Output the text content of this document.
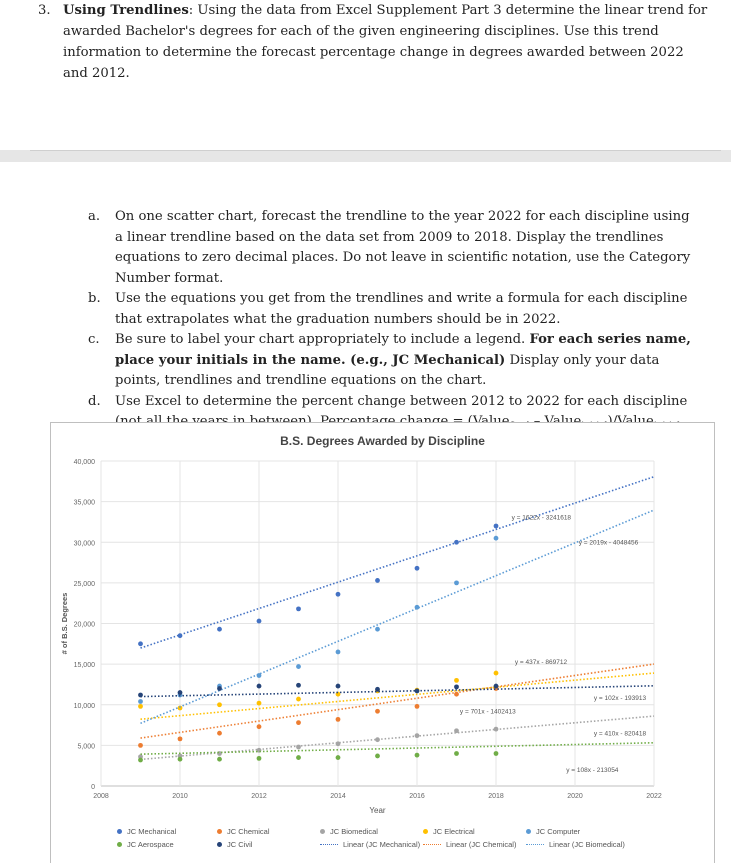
3. Using Trendlines: Using the data from Excel Supplement Part 3 determine the linear trend for awarded Bachelor's degrees for each of the given engineering disciplines. Use this trend information to determine the forecast percentage change in degrees awarded between 2022 and 2012.
a. On one scatter chart, forecast the trendline to the year 2022 for each discipline using a linear trendline based on the data set from 2009 to 2018. Display the trendlines equations to zero decimal places. Do not leave in scientific notation, use the Category Number format.
b. Use the equations you get from the trendlines and write a formula for each discipline that extrapolates what the graduation numbers should be in 2022.
c. Be sure to label your chart appropriately to include a legend. For each series name, place your initials in the name. (e.g., JC Mechanical) Display only your data points, trendlines and trendline equations on the chart.
d. Use Excel to determine the percent change between 2012 to 2022 for each discipline
B.S. Degrees Awarded by Discipline
0
5,000
10,000
15,000
20,000
25,000
30,000
35,000
40,000
2008	2010	2012	2014	2016	2018	2020	2022
Year
# of B.S. Degrees
y = 1622x - 3241618
y = 701x - 1402413
y = 410x - 820418
y = 437x - 869712
y = 2019x - 4048456
y = 108x - 213054
y = 102x - 193913
JC Mechanical	JC Chemical	JC Biomedical	JC Electrical	JC Computer
JC Aerospace	JC Civil	Linear (JC Mechanical)	Linear (JC Chemical)	Linear (JC Biomedical)
